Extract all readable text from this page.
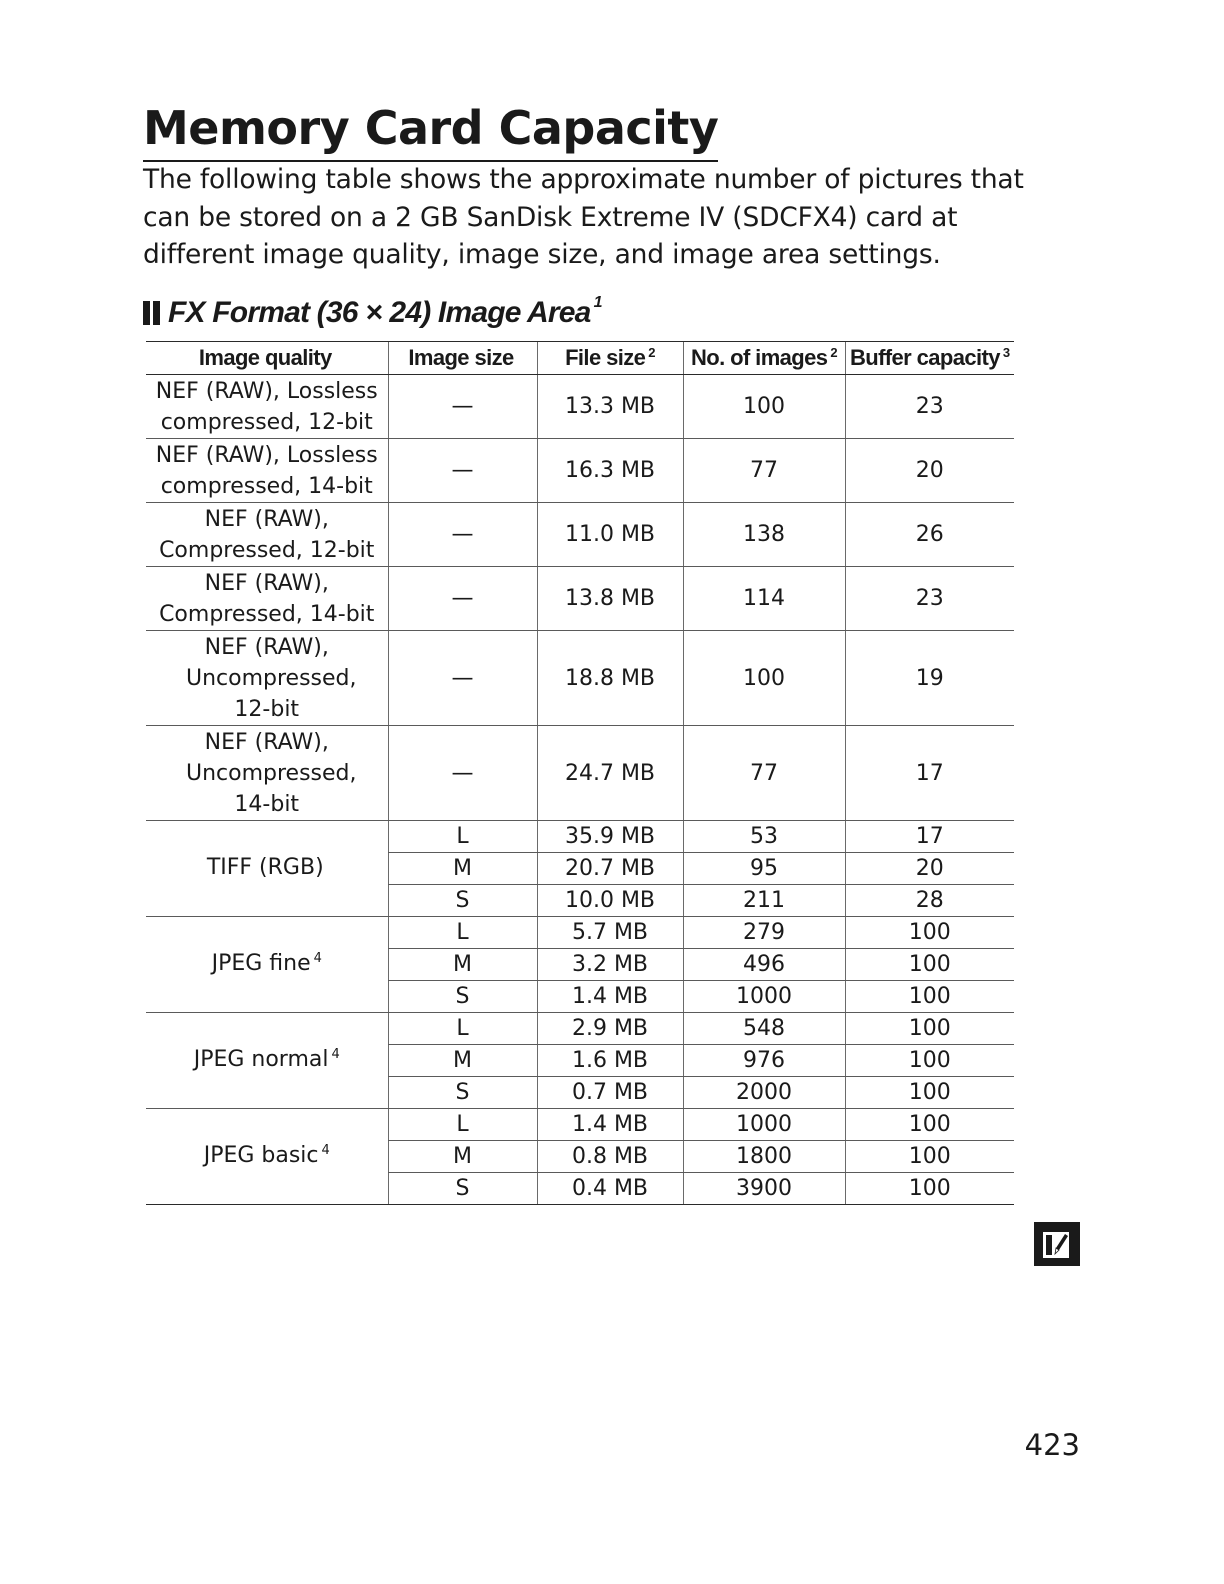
Memory Card Capacity

The following table shows the approximate number of pictures that can be stored on a 2 GB SanDisk Extreme IV (SDCFX4) card at different image quality, image size, and image area settings.

FX Format (36 × 24) Image Area$^1$
Image quality	Image size	File size $^2$	No. of images $^2$	Buffer capacity $^3$
NEF (RAW), Lossless compressed, 12-bit	—	13.3 MB	100	23
NEF (RAW), Lossless compressed, 14-bit	—	16.3 MB	77	20
NEF (RAW), Compressed, 12-bit	—	11.0 MB	138	26
NEF (RAW), Compressed, 14-bit	—	13.8 MB	114	23
NEF (RAW), Uncompressed, 12-bit	—	18.8 MB	100	19
NEF (RAW), Uncompressed, 14-bit	—	24.7 MB	77	17
TIFF (RGB)	L	35.9 MB	53	17
	M	20.7 MB	95	20
	S	10.0 MB	211	28
JPEG fine $^4$	L	5.7 MB	279	100
	M	3.2 MB	496	100
	S	1.4 MB	1000	100
JPEG normal $^4$	L	2.9 MB	548	100
	M	1.6 MB	976	100
	S	0.7 MB	2000	100
JPEG basic $^4$	L	1.4 MB	1000	100
	M	0.8 MB	1800	100
	S	0.4 MB	3900	100
423
